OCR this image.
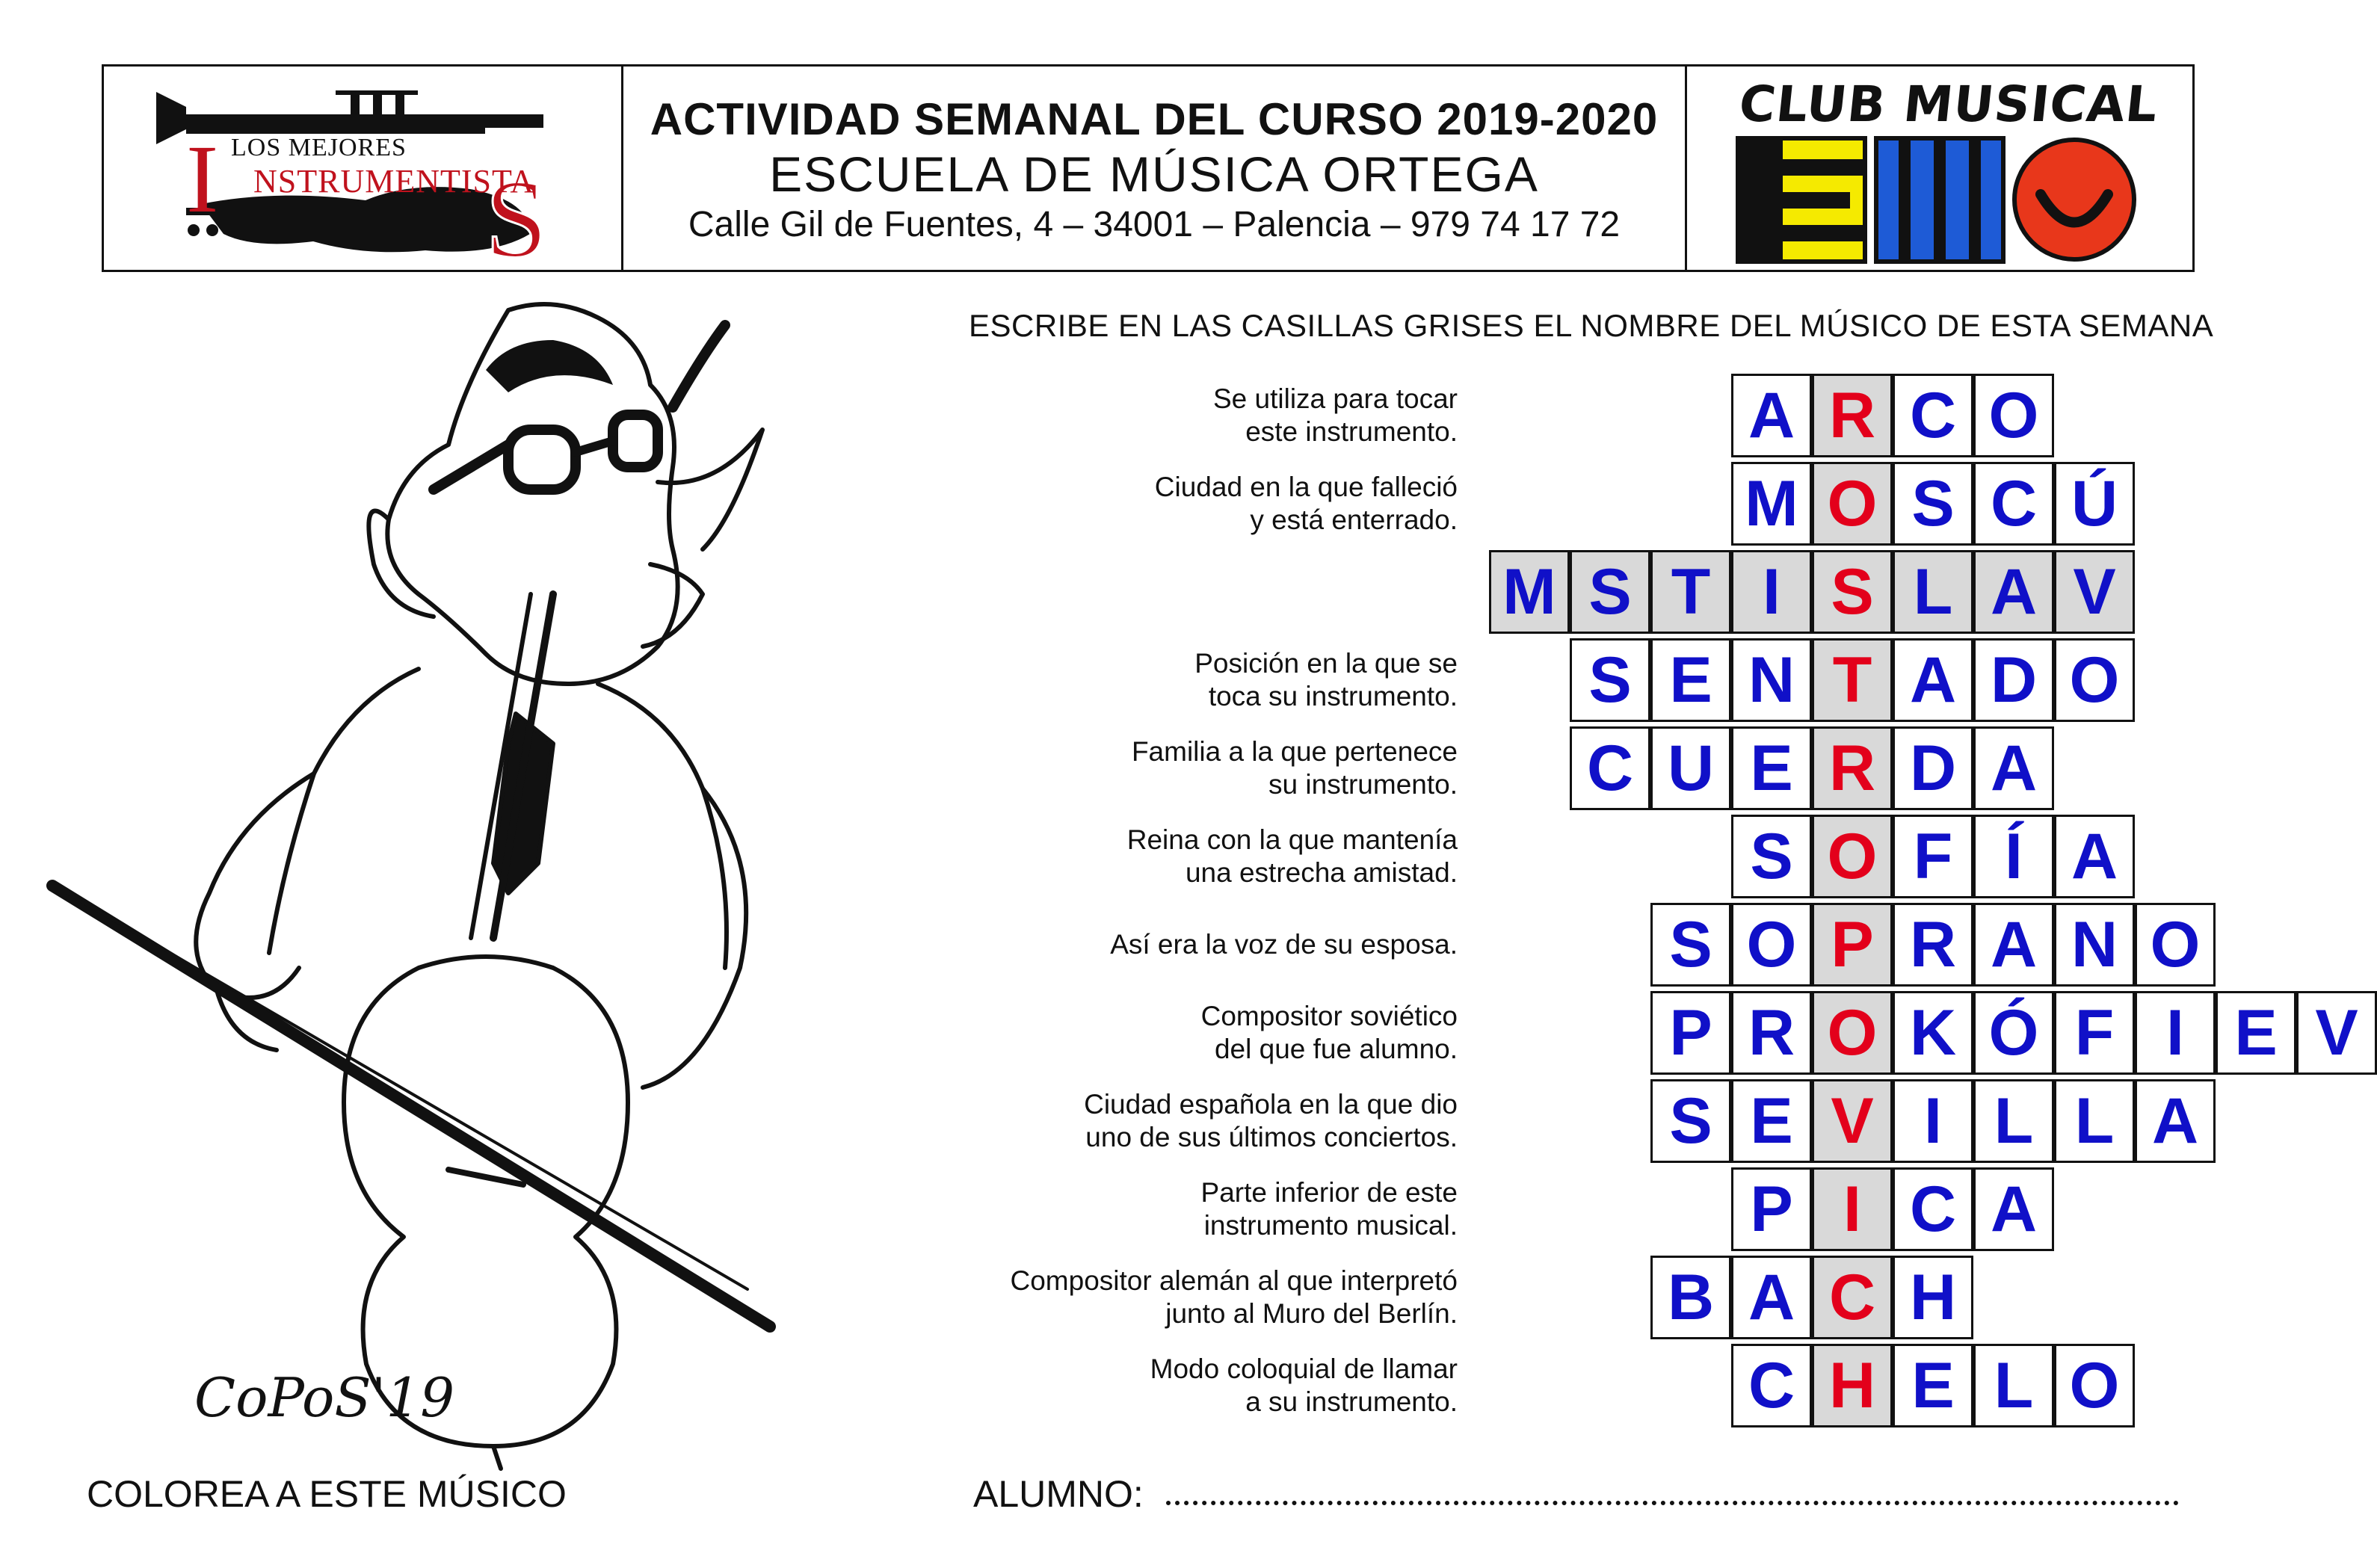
I S
LOS MEJORES
NSTRUMENTISTA
ACTIVIDAD SEMANAL DEL CURSO 2019-2020
ESCUELA DE MÚSICA ORTEGA
Calle Gil de Fuentes, 4 – 34001 – Palencia – 979 74 17 72
CLUB MUSICAL
ESCRIBE EN LAS CASILLAS GRISES EL NOMBRE DEL MÚSICO DE ESTA SEMANA
A R C O
Se utiliza para tocar
este instrumento.
M O S C Ú
Ciudad en la que falleció
y está enterrado.
M S T I S L A V
S E N T A D O
Posición en la que se
toca su instrumento.
C U E R D A
Familia a la que pertenece
su instrumento.
S O F Í A
Reina con la que mantenía
una estrecha amistad.
S O P R A N O
Así era la voz de su esposa.
P R O K Ó F I E V
Compositor soviético
del que fue alumno.
S E V I L L A
Ciudad española en la que dio
uno de sus últimos conciertos.
P I C A
Parte inferior de este
instrumento musical.
B A C H
Compositor alemán al que interpretó
junto al Muro del Berlín.
C H E L O
Modo coloquial de llamar
a su instrumento.
CoPoS'19
COLOREA A ESTE MÚSICO	ALUMNO:
